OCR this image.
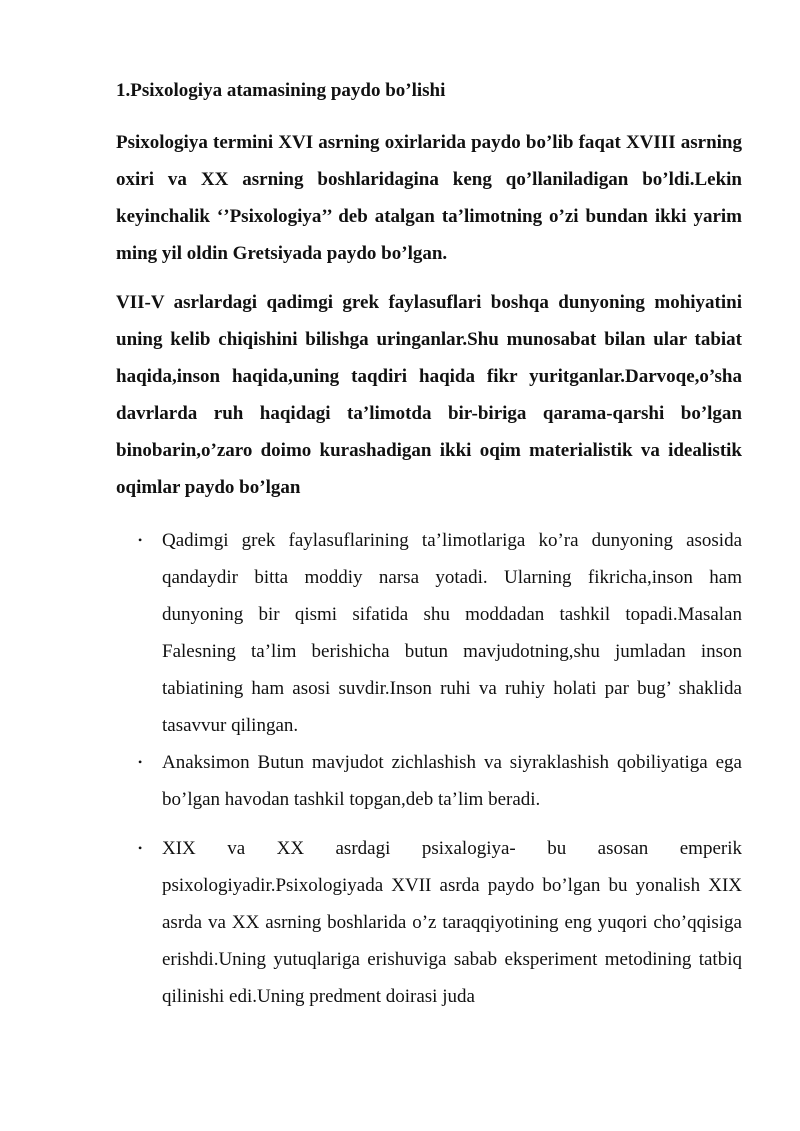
1.Psixologiya atamasining paydo bo’lishi

Psixologiya termini XVI asrning oxirlarida paydo bo’lib faqat XVIII asrning oxiri va XX asrning boshlaridagina keng qo’llaniladigan bo’ldi.Lekin keyinchalik ‘’Psixologiya’’ deb atalgan ta’limotning o’zi bundan ikki yarim ming yil oldin Gretsiyada paydo bo’lgan.

VII-V asrlardagi qadimgi grek faylasuflari boshqa dunyoning mohiyatini uning kelib chiqishini bilishga uringanlar.Shu munosabat bilan ular tabiat haqida,inson haqida,uning taqdiri haqida fikr yuritganlar.Darvoqe,o’sha davrlarda ruh haqidagi ta’limotda bir-biriga qarama-qarshi bo’lgan binobarin,o’zaro doimo kurashadigan ikki oqim materialistik va idealistik oqimlar paydo bo’lgan

• Qadimgi grek faylasuflarining ta’limotlariga ko’ra dunyoning asosida qandaydir bitta moddiy narsa yotadi. Ularning fikricha,inson ham dunyoning bir qismi sifatida shu moddadan tashkil topadi.Masalan Falesning ta’lim berishicha butun mavjudotning,shu jumladan inson tabiatining ham asosi suvdir.Inson ruhi va ruhiy holati par bug’ shaklida tasavvur qilingan.
• Anaksimon Butun mavjudot zichlashish va siyraklashish qobiliyatiga ega bo’lgan havodan tashkil topgan,deb ta’lim beradi.
• XIX va XX asrdagi psixalogiya- bu asosan emperik psixologiyadir.Psixologiyada XVII asrda paydo bo’lgan bu yonalish XIX asrda va XX asrning boshlarida o’z taraqqiyotining eng yuqori cho’qqisiga erishdi.Uning yutuqlariga erishuviga sabab eksperiment metodining tatbiq qilinishi edi.Uning predment doirasi juda
